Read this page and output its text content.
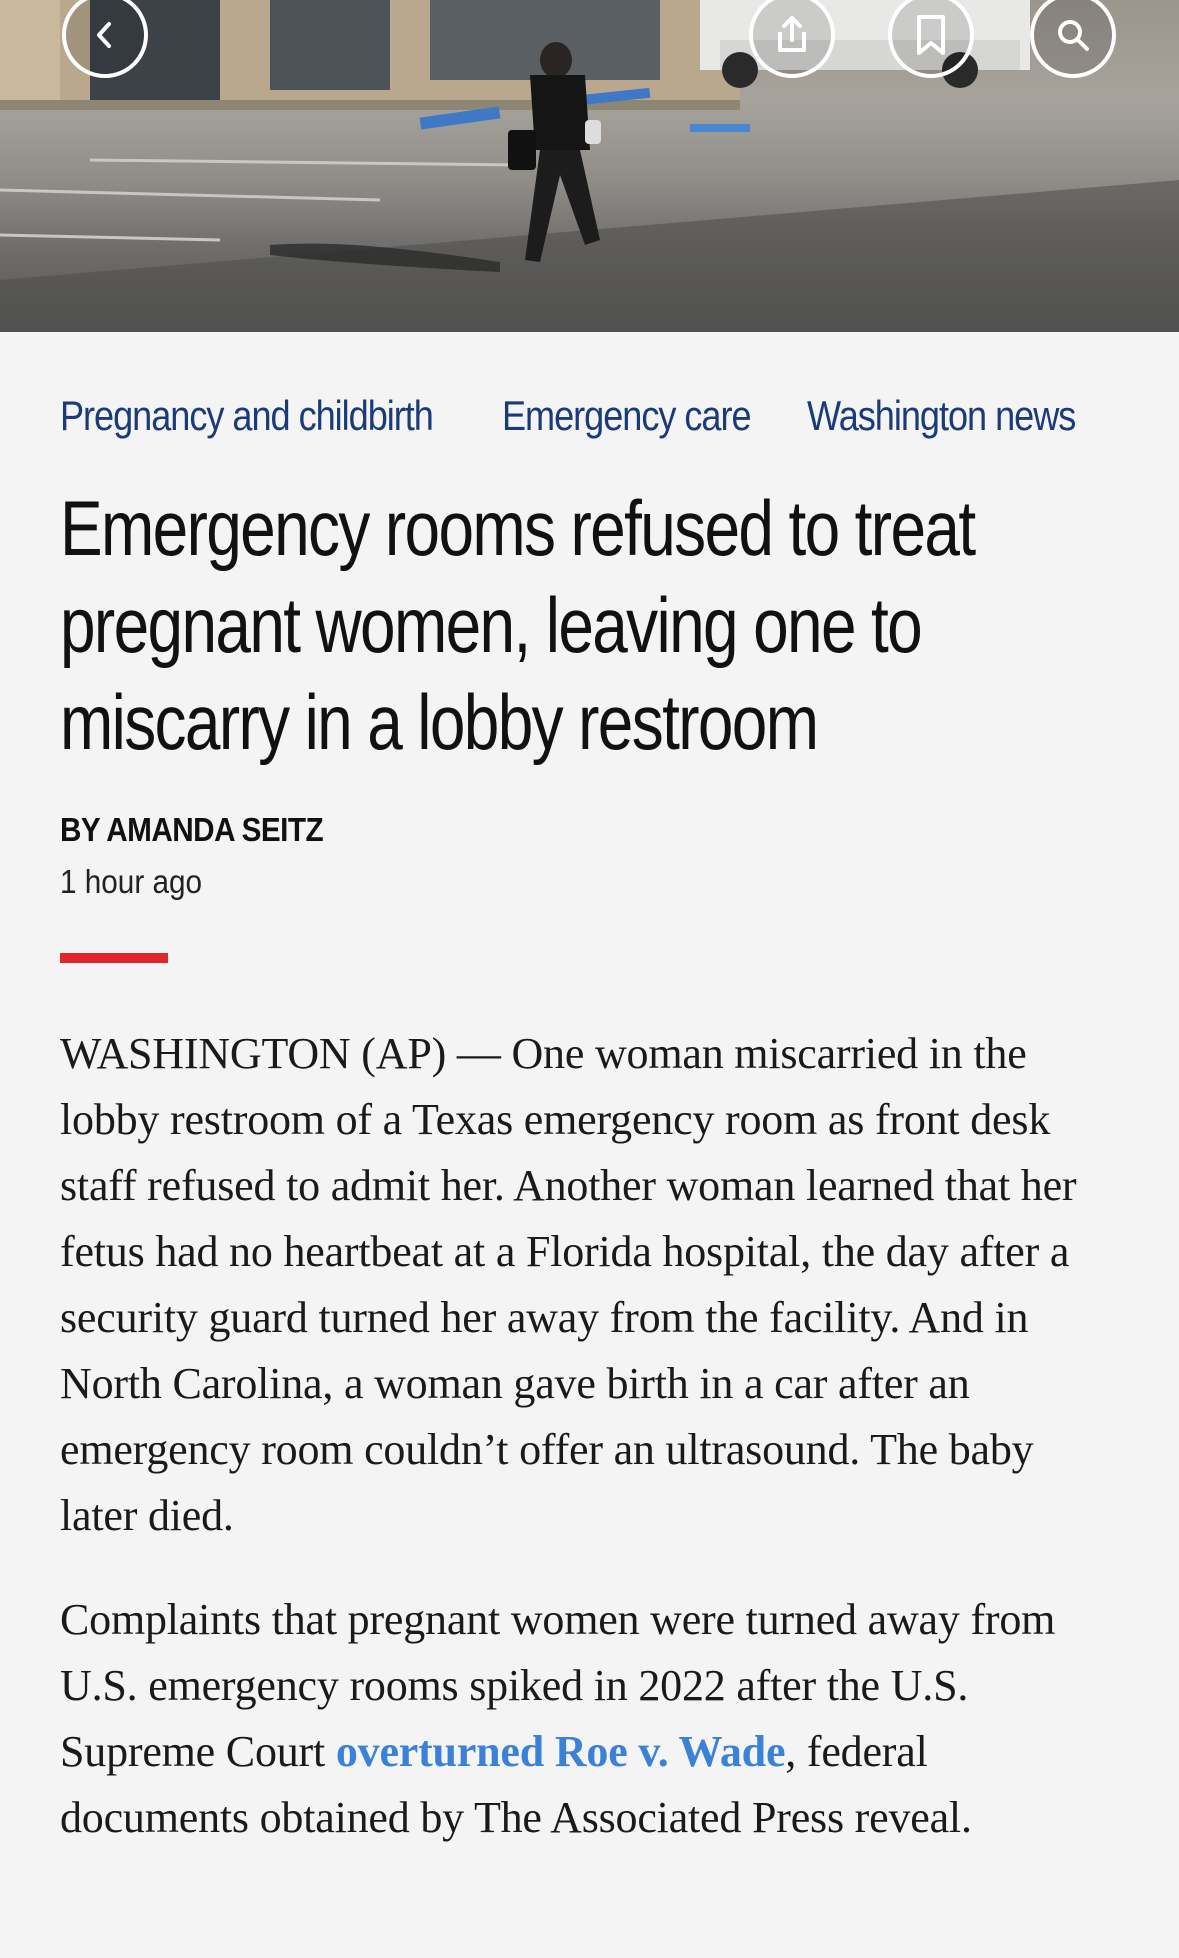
Pregnancy and childbirth Emergency care Washington news
Emergency rooms refused to treat pregnant women, leaving one to miscarry in a lobby restroom
BY AMANDA SEITZ
1 hour ago

WASHINGTON (AP) — One woman miscarried in the lobby restroom of a Texas emergency room as front desk staff refused to admit her. Another woman learned that her fetus had no heartbeat at a Florida hospital, the day after a security guard turned her away from the facility. And in North Carolina, a woman gave birth in a car after an emergency room couldn’t offer an ultrasound. The baby later died.

Complaints that pregnant women were turned away from U.S. emergency rooms spiked in 2022 after the U.S. Supreme Court overturned Roe v. Wade, federal documents obtained by The Associated Press reveal.
